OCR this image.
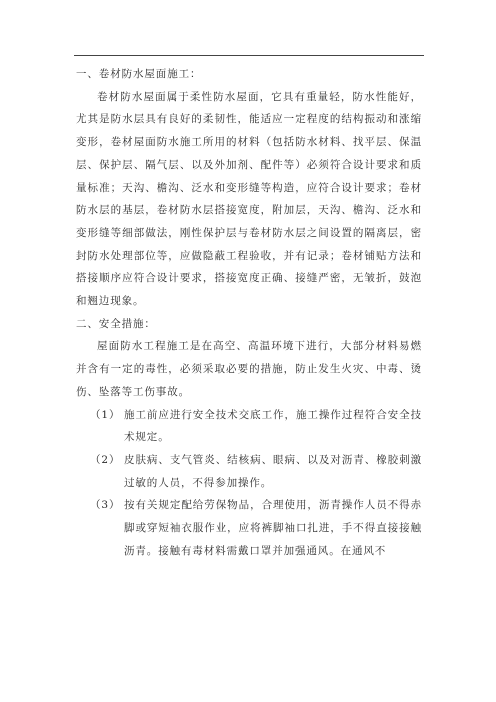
一、卷材防水屋面施工：

卷材防水屋面属于柔性防水屋面，它具有重量轻，防水性能好，尤其是防水层具有良好的柔韧性，能适应一定程度的结构振动和涨缩变形，卷材屋面防水施工所用的材料（包括防水材料、找平层、保温层、保护层、隔气层、以及外加剂、配件等）必须符合设计要求和质量标准；天沟、檐沟、泛水和变形缝等构造，应符合设计要求；卷材防水层的基层，卷材防水层搭接宽度，附加层，天沟、檐沟、泛水和变形缝等细部做法，刚性保护层与卷材防水层之间设置的隔离层，密封防水处理部位等，应做隐蔽工程验收，并有记录；卷材铺贴方法和搭接顺序应符合设计要求，搭接宽度正确、接缝严密，无皱折，鼓泡和翘边现象。

二、安全措施：

屋面防水工程施工是在高空、高温环境下进行，大部分材料易燃并含有一定的毒性，必须采取必要的措施，防止发生火灾、中毒、烫伤、坠落等工伤事故。

（1） 施工前应进行安全技术交底工作，施工操作过程符合安全技术规定。
（2） 皮肤病、支气管炎、结核病、眼病、以及对沥青、橡胶刺激过敏的人员，不得参加操作。
（3） 按有关规定配给劳保物品，合理使用，沥青操作人员不得赤脚或穿短袖衣服作业，应将裤脚袖口扎进，手不得直接接触沥青。接触有毒材料需戴口罩并加强通风。在通风不
